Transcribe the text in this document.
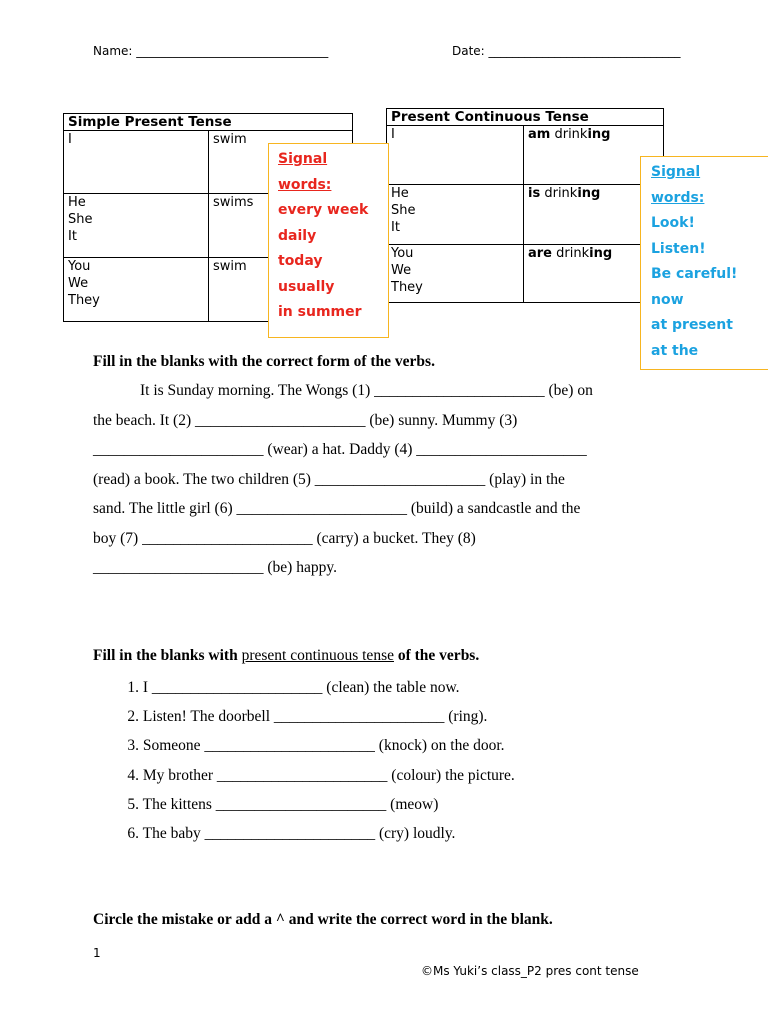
Name: ________________________________	Date: ________________________________
Simple Present Tense	
I	swim

He
She
It	swims

You
We
They	swim
Present Continuous Tense	
I	am drinking

He
She
It	is drinking

You
We
They	are drinking
Signal
words:
every week
daily
today
usually
in summer
Signal
words:
Look!
Listen!
Be careful!
now
at present
at the
Fill in the blanks with the correct form of the verbs.
It is Sunday morning. The Wongs (1) ______________________ (be) on
the beach. It (2) ______________________ (be) sunny. Mummy (3)
______________________ (wear) a hat. Daddy (4) ______________________
(read) a book. The two children (5) ______________________ (play) in the
sand. The little girl (6) ______________________ (build) a sandcastle and the
boy (7) ______________________ (carry) a bucket. They (8)
______________________ (be) happy.
Fill in the blanks with present continuous tense of the verbs.
1. I ______________________ (clean) the table now.
2. Listen! The doorbell ______________________ (ring).
3. Someone ______________________ (knock) on the door.
4. My brother ______________________ (colour) the picture.
5. The kittens ______________________ (meow)
6. The baby ______________________ (cry) loudly.
Circle the mistake or add a ^ and write the correct word in the blank.
1
©Ms Yuki’s class_P2 pres cont tense
